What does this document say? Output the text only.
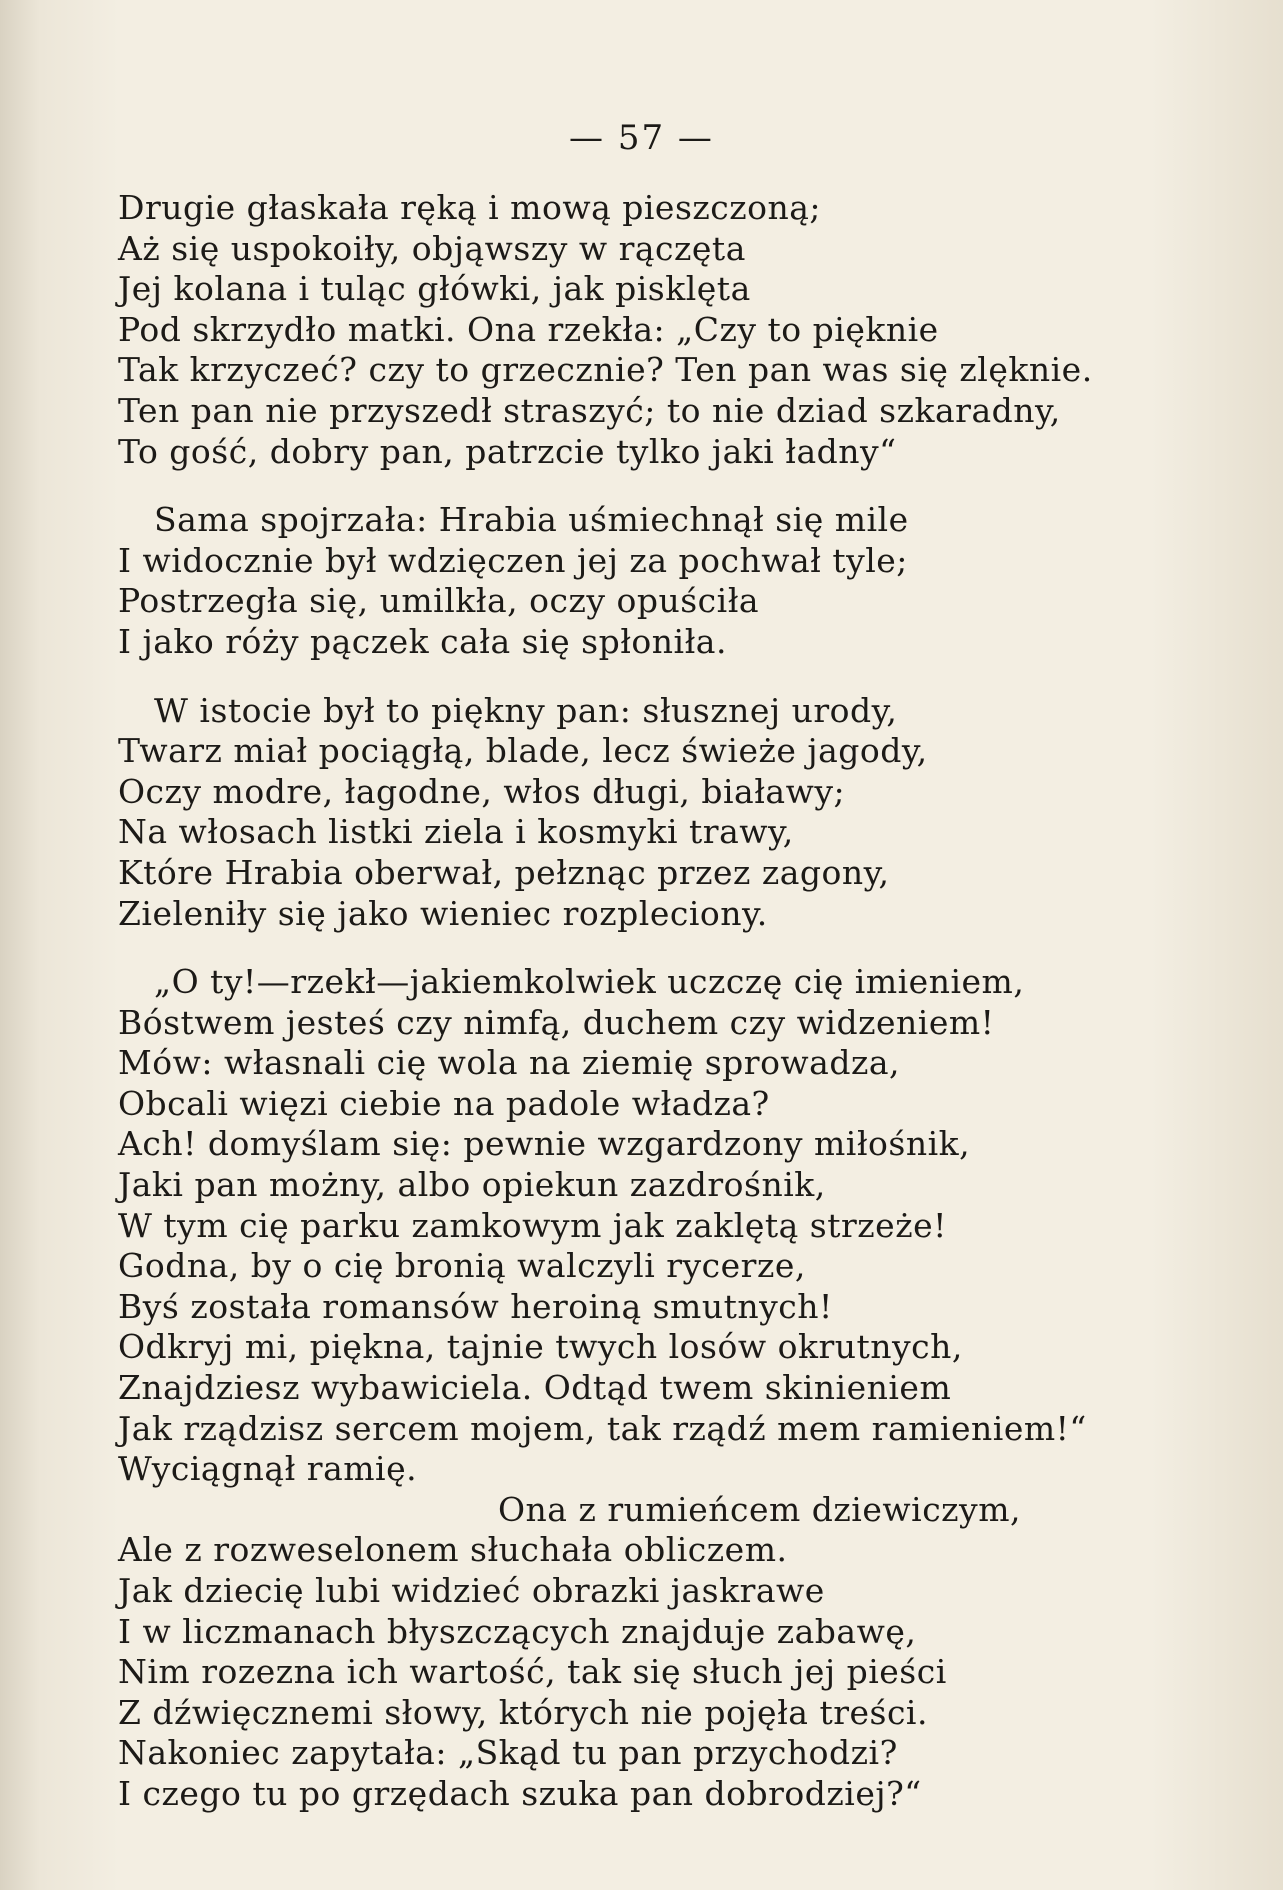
— 57 —
Drugie głaskała ręką i mową pieszczoną;
Aż się uspokoiły, objąwszy w rączęta
Jej kolana i tuląc główki, jak pisklęta
Pod skrzydło matki. Ona rzekła: „Czy to pięknie
Tak krzyczeć? czy to grzecznie? Ten pan was się zlęknie.
Ten pan nie przyszedł straszyć; to nie dziad szkaradny,
To gość, dobry pan, patrzcie tylko jaki ładny“
Sama spojrzała: Hrabia uśmiechnął się mile
I widocznie był wdzięczen jej za pochwał tyle;
Postrzegła się, umilkła, oczy opuściła
I jako róży pączek cała się spłoniła.
W istocie był to piękny pan: słusznej urody,
Twarz miał pociągłą, blade, lecz świeże jagody,
Oczy modre, łagodne, włos długi, białawy;
Na włosach listki ziela i kosmyki trawy,
Które Hrabia oberwał, pełznąc przez zagony,
Zieleniły się jako wieniec rozpleciony.
„O ty!—rzekł—jakiemkolwiek uczczę cię imieniem,
Bóstwem jesteś czy nimfą, duchem czy widzeniem!
Mów: własnali cię wola na ziemię sprowadza,
Obcali więzi ciebie na padole władza?
Ach! domyślam się: pewnie wzgardzony miłośnik,
Jaki pan możny, albo opiekun zazdrośnik,
W tym cię parku zamkowym jak zaklętą strzeże!
Godna, by o cię bronią walczyli rycerze,
Byś została romansów heroiną smutnych!
Odkryj mi, piękna, tajnie twych losów okrutnych,
Znajdziesz wybawiciela. Odtąd twem skinieniem
Jak rządzisz sercem mojem, tak rządź mem ramieniem!“
Wyciągnął ramię.
Ona z rumieńcem dziewiczym,
Ale z rozweselonem słuchała obliczem.
Jak dziecię lubi widzieć obrazki jaskrawe
I w liczmanach błyszczących znajduje zabawę,
Nim rozezna ich wartość, tak się słuch jej pieści
Z dźwięcznemi słowy, których nie pojęła treści.
Nakoniec zapytała: „Skąd tu pan przychodzi?
I czego tu po grzędach szuka pan dobrodziej?“
